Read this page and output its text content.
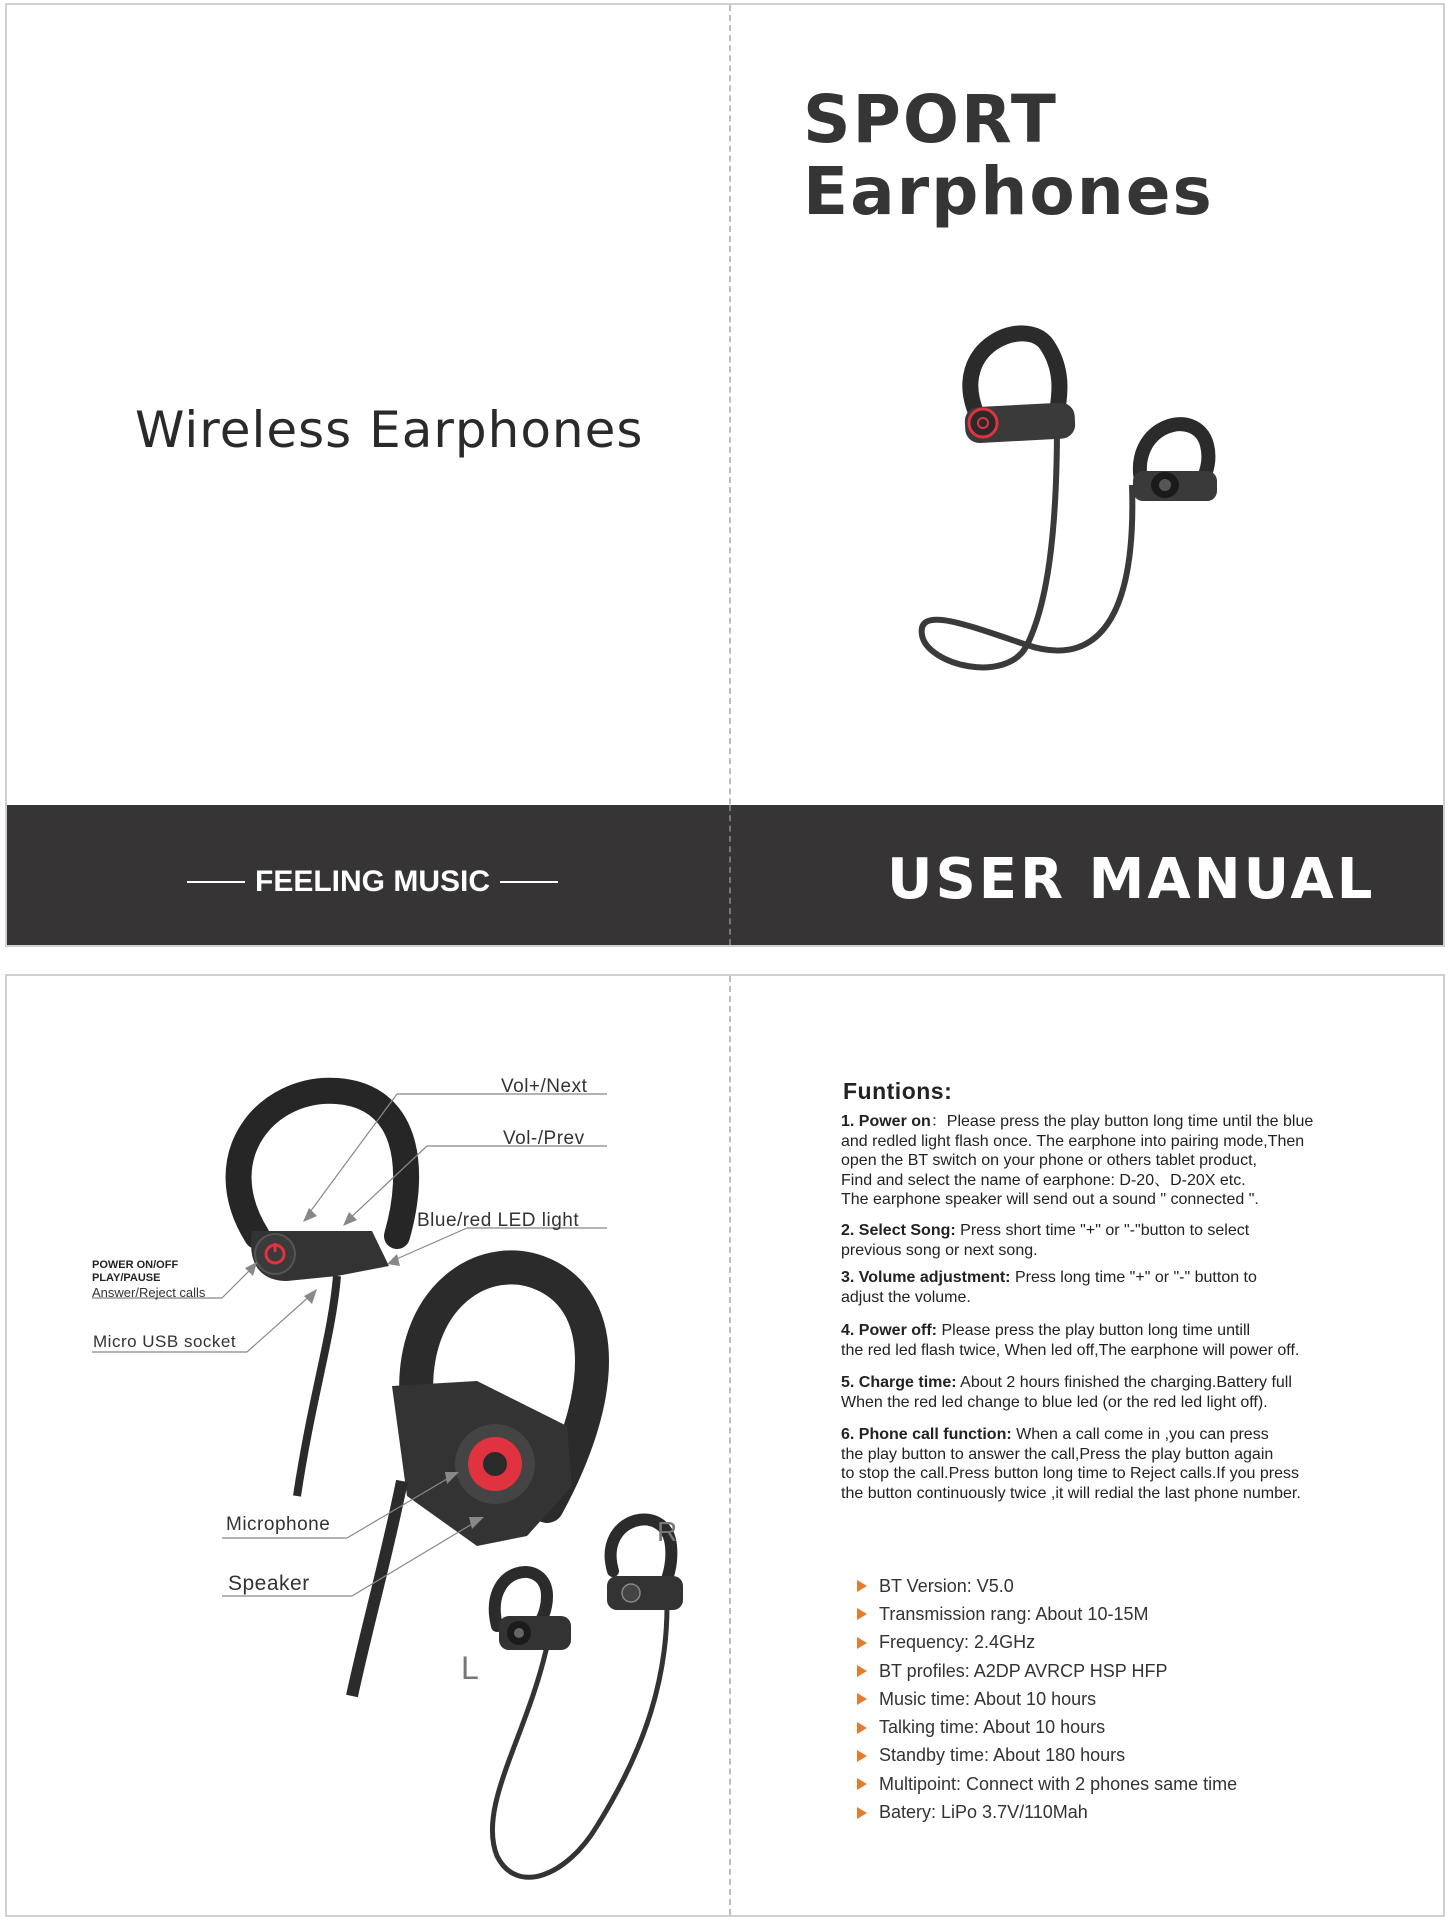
Wireless Earphones
SPORT
Earphones
FEELING MUSIC	USER MANUAL
Vol+/Next
Vol-/Prev
Blue/red LED light
POWER ON/OFF
PLAY/PAUSE
Answer/Reject calls
Micro USB socket
Microphone
Speaker
R
L
Funtions:
1. Power on：Please press the play button long time until the blue
and redled light flash once. The earphone into pairing mode,Then
open the BT switch on your phone or others tablet product,
Find and select the name of earphone: D-20、D-20X etc.
The earphone speaker will send out a sound " connected ".
2. Select Song: Press short time "+" or "-"button to select
previous song or next song.
3. Volume adjustment: Press long time "+" or "-" button to
adjust the volume.
4. Power off: Please press the play button long time untill
the red led flash twice, When led off,The earphone will power off.
5. Charge time: About 2 hours finished the charging.Battery full
When the red led change to blue led (or the red led light off).
6. Phone call function: When a call come in ,you can press
the play button to answer the call,Press the play button again
to stop the call.Press button long time to Reject calls.If you press
the button continuously twice ,it will redial the last phone number.
BT Version: V5.0
Transmission rang: About 10-15M
Frequency: 2.4GHz
BT profiles: A2DP AVRCP HSP HFP
Music time: About 10 hours
Talking time: About 10 hours
Standby time: About 180 hours
Multipoint: Connect with 2 phones same time
Batery: LiPo 3.7V/110Mah
